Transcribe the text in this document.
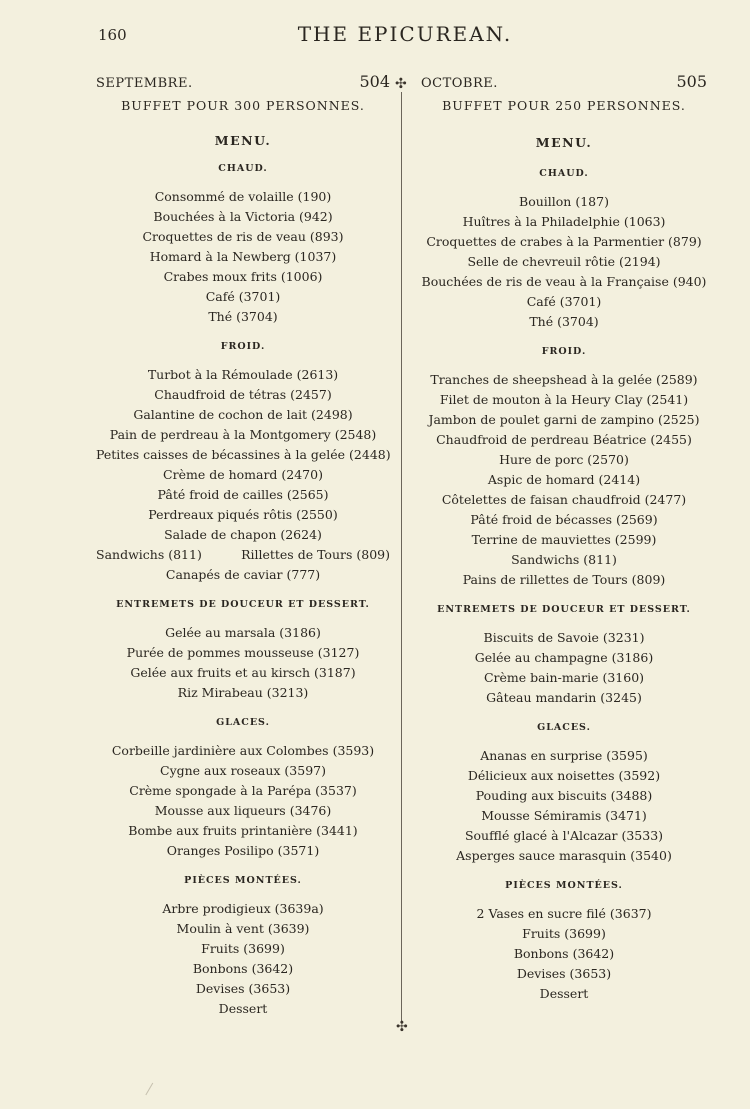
160	THE EPICUREAN.
✣
✣
SEPTEMBRE.	504
BUFFET POUR 300 PERSONNES.
MENU.
CHAUD.
Consommé de volaille (190)
Bouchées à la Victoria (942)
Croquettes de ris de veau (893)
Homard à la Newberg (1037)
Crabes moux frits (1006)
Café (3701)
Thé (3704)
FROID.
Turbot à la Rémoulade (2613)
Chaudfroid de tétras (2457)
Galantine de cochon de lait (2498)
Pain de perdreau à la Montgomery (2548)
Petites caisses de bécassines à la gelée (2448)
Crème de homard (2470)
Pâté froid de cailles (2565)
Perdreaux piqués rôtis (2550)
Salade de chapon (2624)
Sandwichs (811)	Rillettes de Tours (809)
Canapés de caviar (777)
ENTREMETS DE DOUCEUR ET DESSERT.
Gelée au marsala (3186)
Purée de pommes mousseuse (3127)
Gelée aux fruits et au kirsch (3187)
Riz Mirabeau (3213)
GLACES.
Corbeille jardinière aux Colombes (3593)
Cygne aux roseaux (3597)
Crème spongade à la Parépa (3537)
Mousse aux liqueurs (3476)
Bombe aux fruits printanière (3441)
Oranges Posilipo (3571)
PIÈCES MONTÉES.
Arbre prodigieux (3639a)
Moulin à vent (3639)
Fruits (3699)
Bonbons (3642)
Devises (3653)
Dessert
OCTOBRE.	505
BUFFET POUR 250 PERSONNES.
MENU.
CHAUD.
Bouillon (187)
Huîtres à la Philadelphie (1063)
Croquettes de crabes à la Parmentier (879)
Selle de chevreuil rôtie (2194)
Bouchées de ris de veau à la Française (940)
Café (3701)
Thé (3704)
FROID.
Tranches de sheepshead à la gelée (2589)
Filet de mouton à la Heury Clay (2541)
Jambon de poulet garni de zampino (2525)
Chaudfroid de perdreau Béatrice (2455)
Hure de porc (2570)
Aspic de homard (2414)
Côtelettes de faisan chaudfroid (2477)
Pâté froid de bécasses (2569)
Terrine de mauviettes (2599)
Sandwichs (811)
Pains de rillettes de Tours (809)
ENTREMETS DE DOUCEUR ET DESSERT.
Biscuits de Savoie (3231)
Gelée au champagne (3186)
Crème bain-marie (3160)
Gâteau mandarin (3245)
GLACES.
Ananas en surprise (3595)
Délicieux aux noisettes (3592)
Pouding aux biscuits (3488)
Mousse Sémiramis (3471)
Soufflé glacé à l'Alcazar (3533)
Asperges sauce marasquin (3540)
PIÈCES MONTÉES.
2 Vases en sucre filé (3637)
Fruits (3699)
Bonbons (3642)
Devises (3653)
Dessert
